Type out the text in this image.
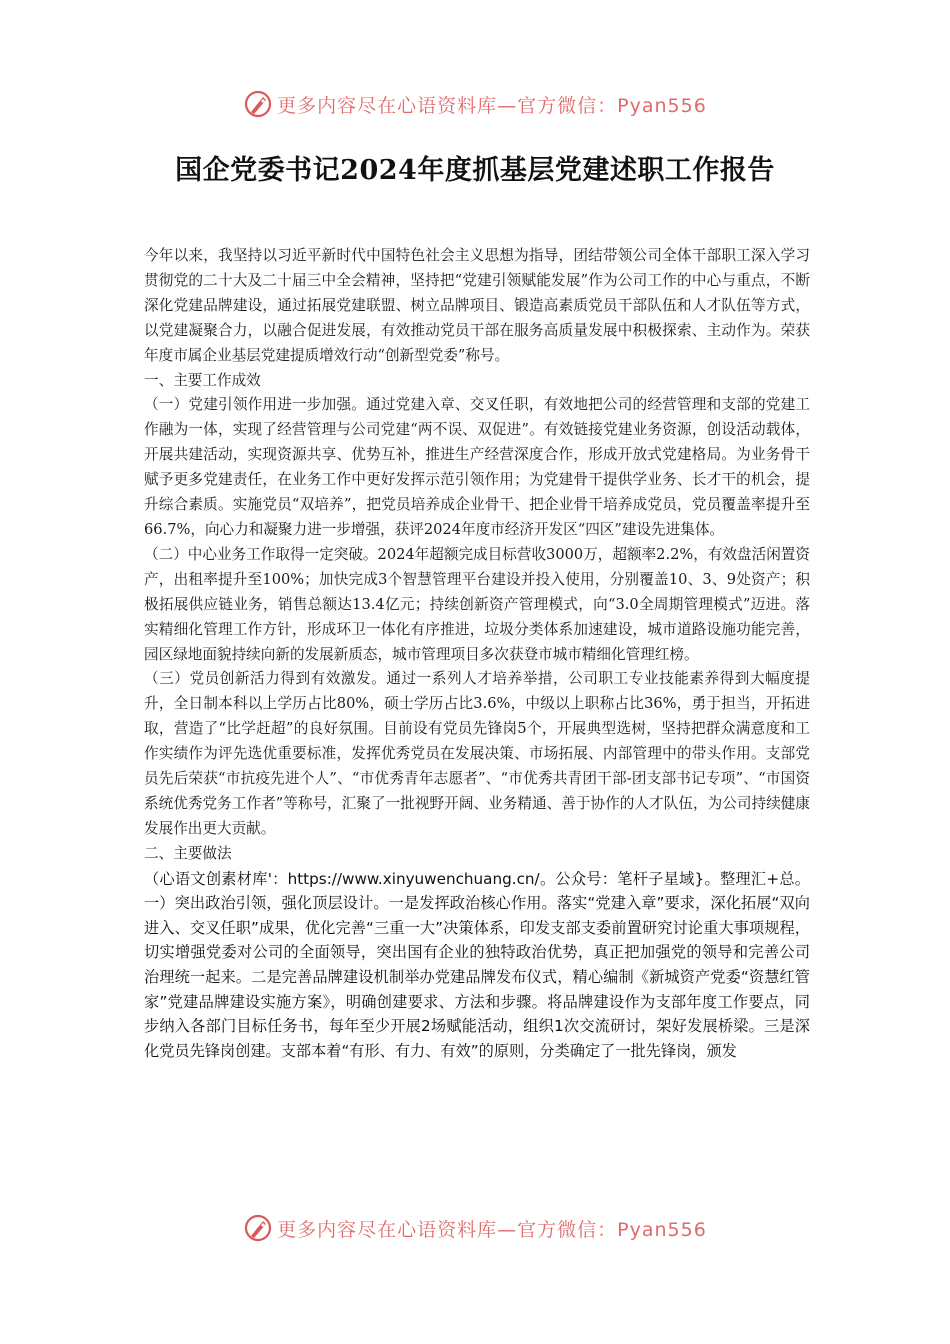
更多内容尽在心语资料库—官方微信：Pyan556
国企党委书记2024年度抓基层党建述职工作报告

今年以来，我坚持以习近平新时代中国特色社会主义思想为指导，团结带领公司全体干部职工深入学习贯彻党的二十大及二十届三中全会精神，坚持把“党建引领赋能发展”作为公司工作的中心与重点，不断深化党建品牌建设，通过拓展党建联盟、树立品牌项目、锻造高素质党员干部队伍和人才队伍等方式，以党建凝聚合力，以融合促进发展，有效推动党员干部在服务高质量发展中积极探索、主动作为。荣获年度市属企业基层党建提质增效行动“创新型党委”称号。

一、主要工作成效

（一）党建引领作用进一步加强。通过党建入章、交叉任职，有效地把公司的经营管理和支部的党建工作融为一体，实现了经营管理与公司党建“两不误、双促进”。有效链接党建业务资源，创设活动载体，开展共建活动，实现资源共享、优势互补，推进生产经营深度合作，形成开放式党建格局。为业务骨干赋予更多党建责任，在业务工作中更好发挥示范引领作用；为党建骨干提供学业务、长才干的机会，提升综合素质。实施党员“双培养”，把党员培养成企业骨干、把企业骨干培养成党员，党员覆盖率提升至66.7%，向心力和凝聚力进一步增强，获评2024年度市经济开发区“四区”建设先进集体。

（二）中心业务工作取得一定突破。2024年超额完成目标营收3000万，超额率2.2%，有效盘活闲置资产，出租率提升至100%；加快完成3个智慧管理平台建设并投入使用，分别覆盖10、3、9处资产；积极拓展供应链业务，销售总额达13.4亿元；持续创新资产管理模式，向“3.0全周期管理模式”迈进。落实精细化管理工作方针，形成环卫一体化有序推进，垃圾分类体系加速建设，城市道路设施功能完善，园区绿地面貌持续向新的发展新质态，城市管理项目多次获登市城市精细化管理红榜。

（三）党员创新活力得到有效激发。通过一系列人才培养举措，公司职工专业技能素养得到大幅度提升，全日制本科以上学历占比80%，硕士学历占比3.6%，中级以上职称占比36%，勇于担当，开拓进取，营造了“比学赶超”的良好氛围。目前设有党员先锋岗5个，开展典型选树，坚持把群众满意度和工作实绩作为评先选优重要标准，发挥优秀党员在发展决策、市场拓展、内部管理中的带头作用。支部党员先后荣获“市抗疫先进个人”、“市优秀青年志愿者”、“市优秀共青团干部-团支部书记专项”、“市国资系统优秀党务工作者”等称号，汇聚了一批视野开阔、业务精通、善于协作的人才队伍，为公司持续健康发展作出更大贡献。

二、主要做法

（心语文创素材库'：https://www.xinyuwenchuang.cn/。公众号：笔杆子星域}。整理汇+总。一）突出政治引领，强化顶层设计。一是发挥政治核心作用。落实“党建入章”要求，深化拓展“双向进入、交叉任职”成果，优化完善“三重一大”决策体系，印发支部支委前置研究讨论重大事项规程，切实增强党委对公司的全面领导，突出国有企业的独特政治优势，真正把加强党的领导和完善公司治理统一起来。二是完善品牌建设机制举办党建品牌发布仪式，精心编制《新城资产党委“资慧红管家”党建品牌建设实施方案》，明确创建要求、方法和步骤。将品牌建设作为支部年度工作要点，同步纳入各部门目标任务书，每年至少开展2场赋能活动，组织1次交流研讨，架好发展桥梁。三是深化党员先锋岗创建。支部本着“有形、有力、有效”的原则，分类确定了一批先锋岗，颁发

更多内容尽在心语资料库—官方微信：Pyan556
